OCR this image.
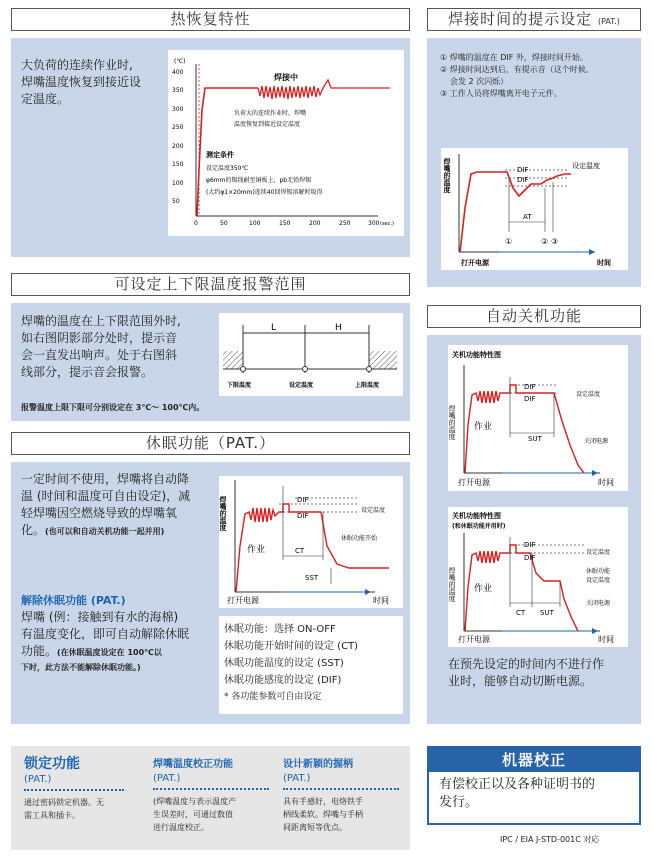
热恢复特性
大负荷的连续作业时,
焊嘴温度恢复到接近设
定温度。
(℃)
400
350
300
250
200
150
100
50
0	50	100	150	200	250	300 (sec.)
焊接中
负荷大的连续作业时，焊嘴
温度恢复到接近设定温度
测定条件
设定温度350℃
φ6mm的锡线耐至铜板上，pb无铅焊锡
(大约φ1×20mm)连续40回焊锡溶解时取得
焊接时间的提示设定 (PAT.)
① 焊嘴的温度在 DIF 外，焊接时间开始。
② 焊接时间达到后，有提示音（这个时候,
会发 2 次闪烁）
③ 工作人员将焊嘴离开电子元件。
焊嘴的温度	DIF
DIF
设定温度
AT
①	② ③
打开电源	时间
可设定上下限温度报警范围
焊嘴的温度在上下限范围外时,
如右图阴影部分处时，提示音
会一直发出响声。处于右图斜
线部分，提示音会报警。
L	H
下限温度	设定温度	上限温度
报警温度上限下限可分别设定在 3℃～ 100℃内。
休眠功能（PAT.）
一定时间不使用，焊嘴将自动降
温 (时间和温度可自由设定)，减
轻焊嘴因空燃烧导致的焊嘴氧
化。(也可以和自动关机功能一起并用)
焊嘴的温度	DIF
DIF
设定温度
作业	CT
休眠功能开始
SST
打开电源	时间
解除休眠功能 (PAT.)
焊嘴 (例：接触到有水的海棉)
有温度变化，即可自动解除休眠
功能。(在休眠温度设定在 100℃以
下时，此方法不能解除休眠功能。)
休眠功能：选择 ON-OFF
休眠功能开始时间的设定 (CT)
休眠功能温度的设定 (SST)
休眠功能感度的设定 (DIF)
* 各功能参数可自由设定
自动关机功能
关机功能特性图
焊嘴的温度
DIF
DIF
设定温度
作业
SUT	关闭电源
打开电源	时间
关机功能特性图
(和休眠功能并用时)
焊嘴的温度
DIF
DIF
设定温度
休眠功能
设定温度
作业
CT SUT
关闭电源
打开电源	时间
在预先设定的时间内不进行作
业时，能够自动切断电源。
锁定功能
(PAT.)
通过密码锁定机器。无
需工具和插卡。
焊嘴温度校正功能
(PAT.)
(焊嘴温度与表示温度产
生误差时，可通过数值
进行温度校正。
设计新颖的握柄
(PAT.)
具有手感好，电烙铁手
柄线柔软。焊嘴与手柄
间距离短等优点。
机器校正
有偿校正以及各种证明书的
发行。
IPC / EIA J-STD-001C 对応
